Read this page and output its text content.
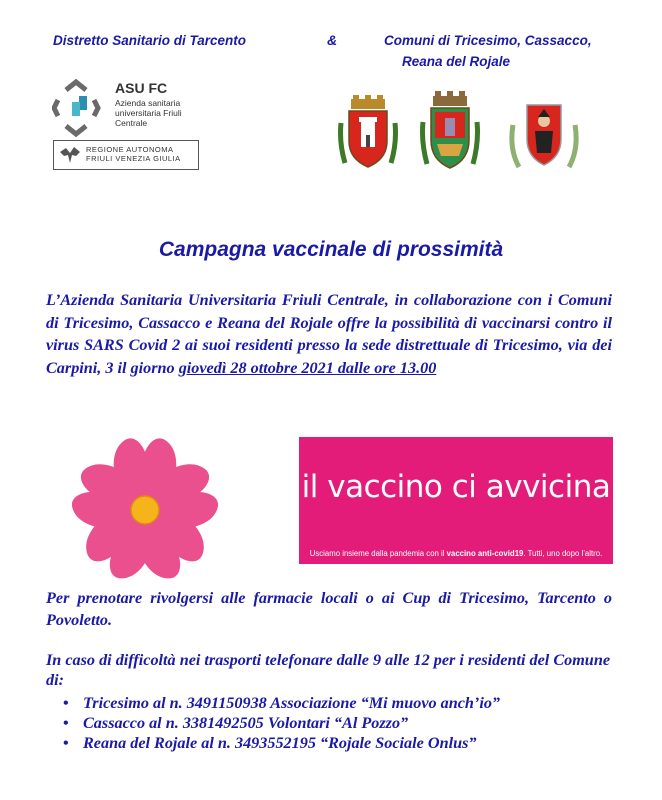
Distretto Sanitario di Tarcento	&	Comuni di Tricesimo, Cassacco,
Reana del Rojale
ASU FC
Azienda sanitaria universitaria Friuli Centrale
REGIONE AUTONOMA FRIULI VENEZIA GIULIA
Campagna vaccinale di prossimità
L’Azienda Sanitaria Universitaria Friuli Centrale, in collaborazione con i Comuni di Tricesimo, Cassacco e Reana del Rojale offre la possibilità di vaccinarsi contro il virus SARS Covid 2 ai suoi residenti presso la sede distrettuale di Tricesimo, via dei Carpini, 3 il giorno giovedì 28 ottobre 2021 dalle ore 13.00
il vaccino ci avvicina
Usciamo insieme dalla pandemia con il vaccino anti-covid19. Tutti, uno dopo l’altro.
Per prenotare rivolgersi alle farmacie locali o ai Cup di Tricesimo, Tarcento o Povoletto.
In caso di difficoltà nei trasporti telefonare dalle 9 alle 12 per i residenti del Comune di:
• Tricesimo al n. 3491150938 Associazione “Mi muovo anch’io”
• Cassacco al n. 3381492505 Volontari “Al Pozzo”
• Reana del Rojale al n. 3493552195 “Rojale Sociale Onlus”
